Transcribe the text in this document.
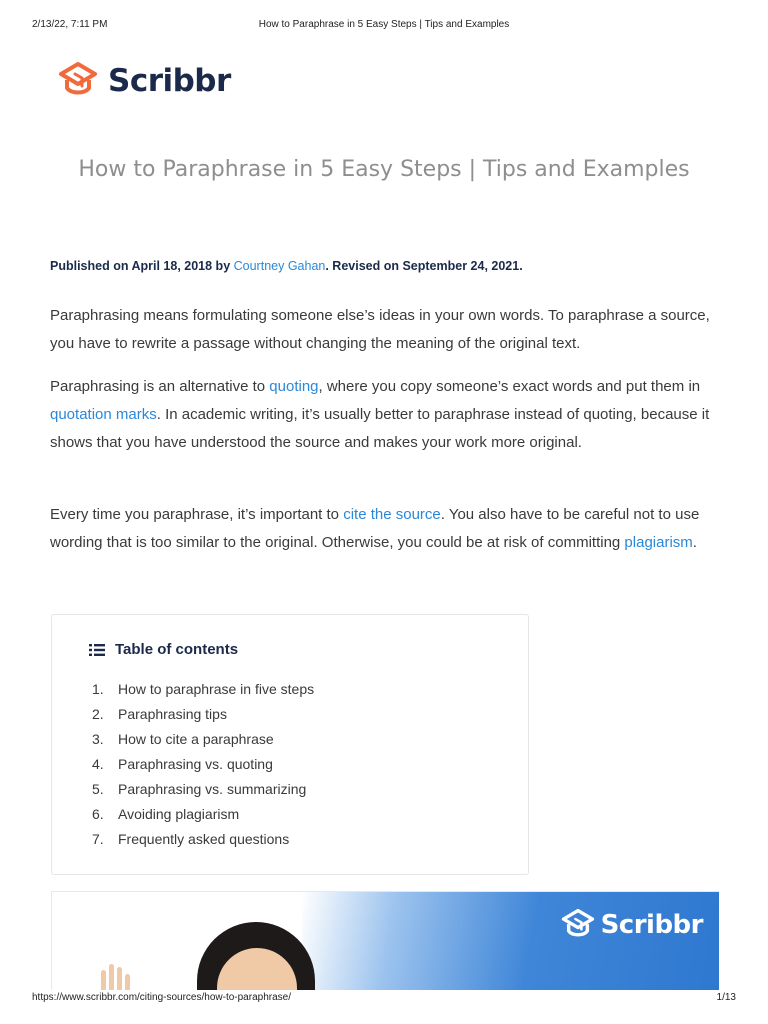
2/13/22, 7:11 PM	How to Paraphrase in 5 Easy Steps | Tips and Examples
Scribbr
How to Paraphrase in 5 Easy Steps | Tips and Examples
Published on April 18, 2018 by Courtney Gahan. Revised on September 24, 2021.

Paraphrasing means formulating someone else’s ideas in your own words. To paraphrase a source, you have to rewrite a passage without changing the meaning of the original text.

Paraphrasing is an alternative to quoting, where you copy someone’s exact words and put them in quotation marks. In academic writing, it’s usually better to paraphrase instead of quoting, because it shows that you have understood the source and makes your work more original.

Every time you paraphrase, it’s important to cite the source. You also have to be careful not to use wording that is too similar to the original. Otherwise, you could be at risk of committing plagiarism.

Table of contents
1.	How to paraphrase in five steps
2.	Paraphrasing tips
3.	How to cite a paraphrase
4.	Paraphrasing vs. quoting
5.	Paraphrasing vs. summarizing
6.	Avoiding plagiarism
7.	Frequently asked questions
Scribbr
https://www.scribbr.com/citing-sources/how-to-paraphrase/	1/13
